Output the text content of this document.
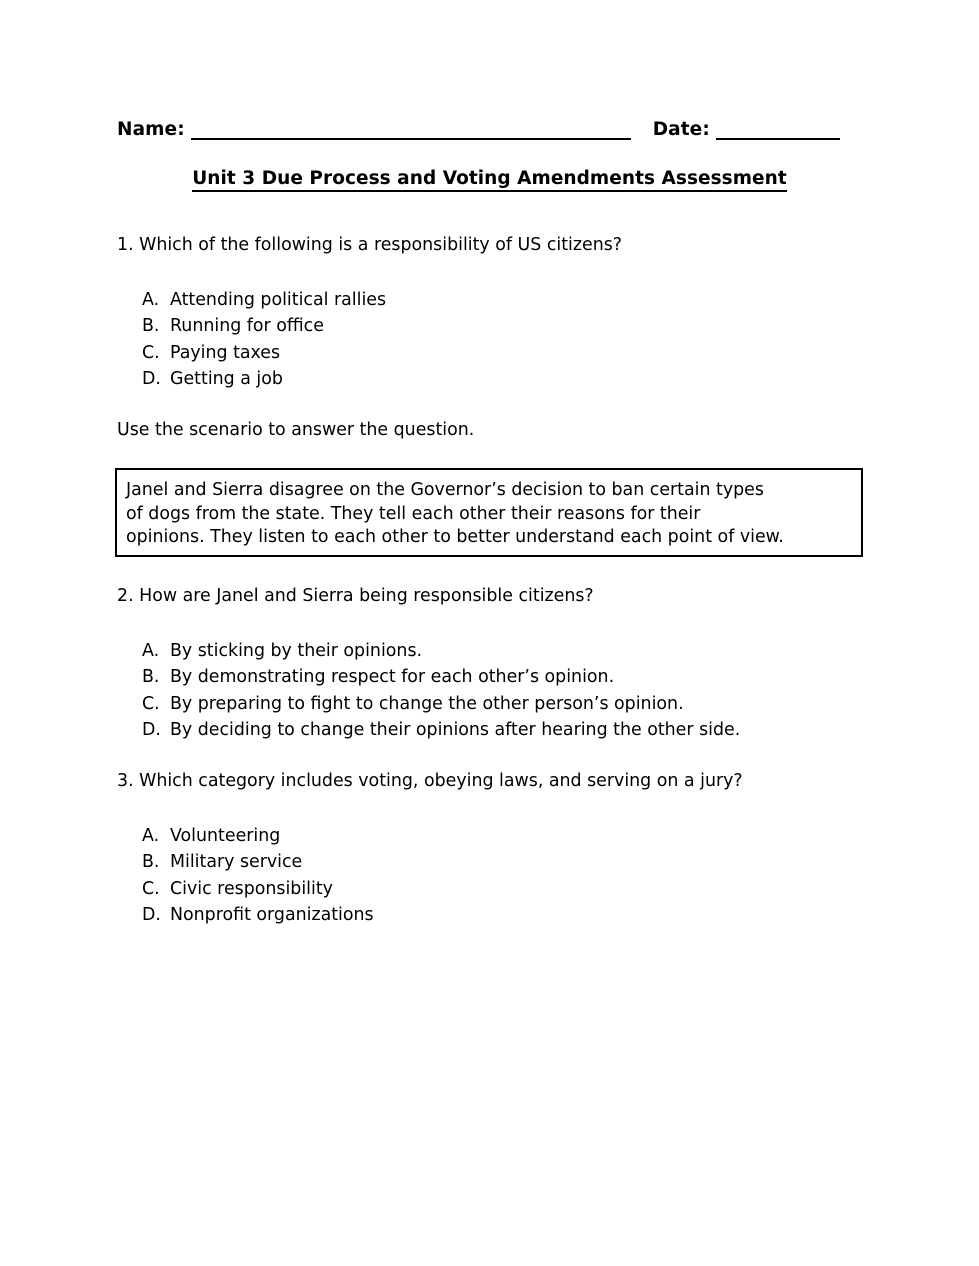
Name:	Date:
Unit 3 Due Process and Voting Amendments Assessment
1. Which of the following is a responsibility of US citizens?
A. Attending political rallies
B. Running for office
C. Paying taxes
D. Getting a job
Use the scenario to answer the question.
Janel and Sierra disagree on the Governor’s decision to ban certain types
of dogs from the state. They tell each other their reasons for their
opinions. They listen to each other to better understand each point of view.
2. How are Janel and Sierra being responsible citizens?
A. By sticking by their opinions.
B. By demonstrating respect for each other’s opinion.
C. By preparing to fight to change the other person’s opinion.
D. By deciding to change their opinions after hearing the other side.
3. Which category includes voting, obeying laws, and serving on a jury?
A. Volunteering
B. Military service
C. Civic responsibility
D. Nonprofit organizations
